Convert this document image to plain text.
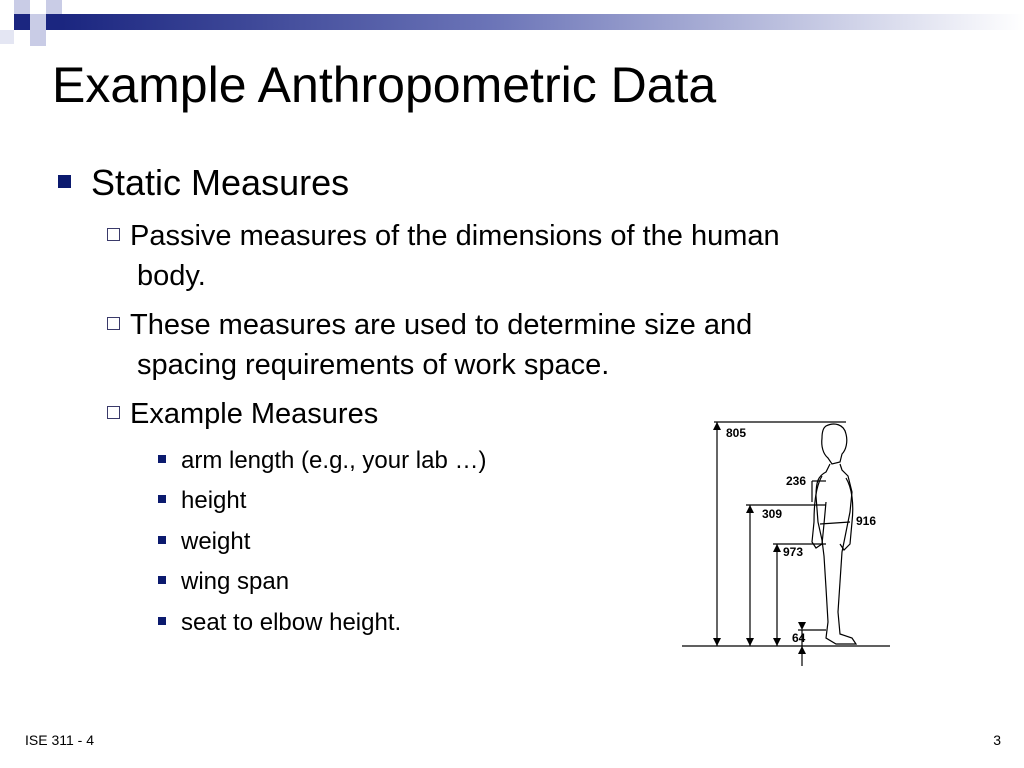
Example Anthropometric Data
Static Measures
Passive measures of the dimensions of the human
body.
These measures are used to determine size and
spacing requirements of work space.
Example Measures
arm length (e.g., your lab …)
height
weight
wing span
seat to elbow height.
805
236
309
973
916
64
ISE 311 - 4	3
